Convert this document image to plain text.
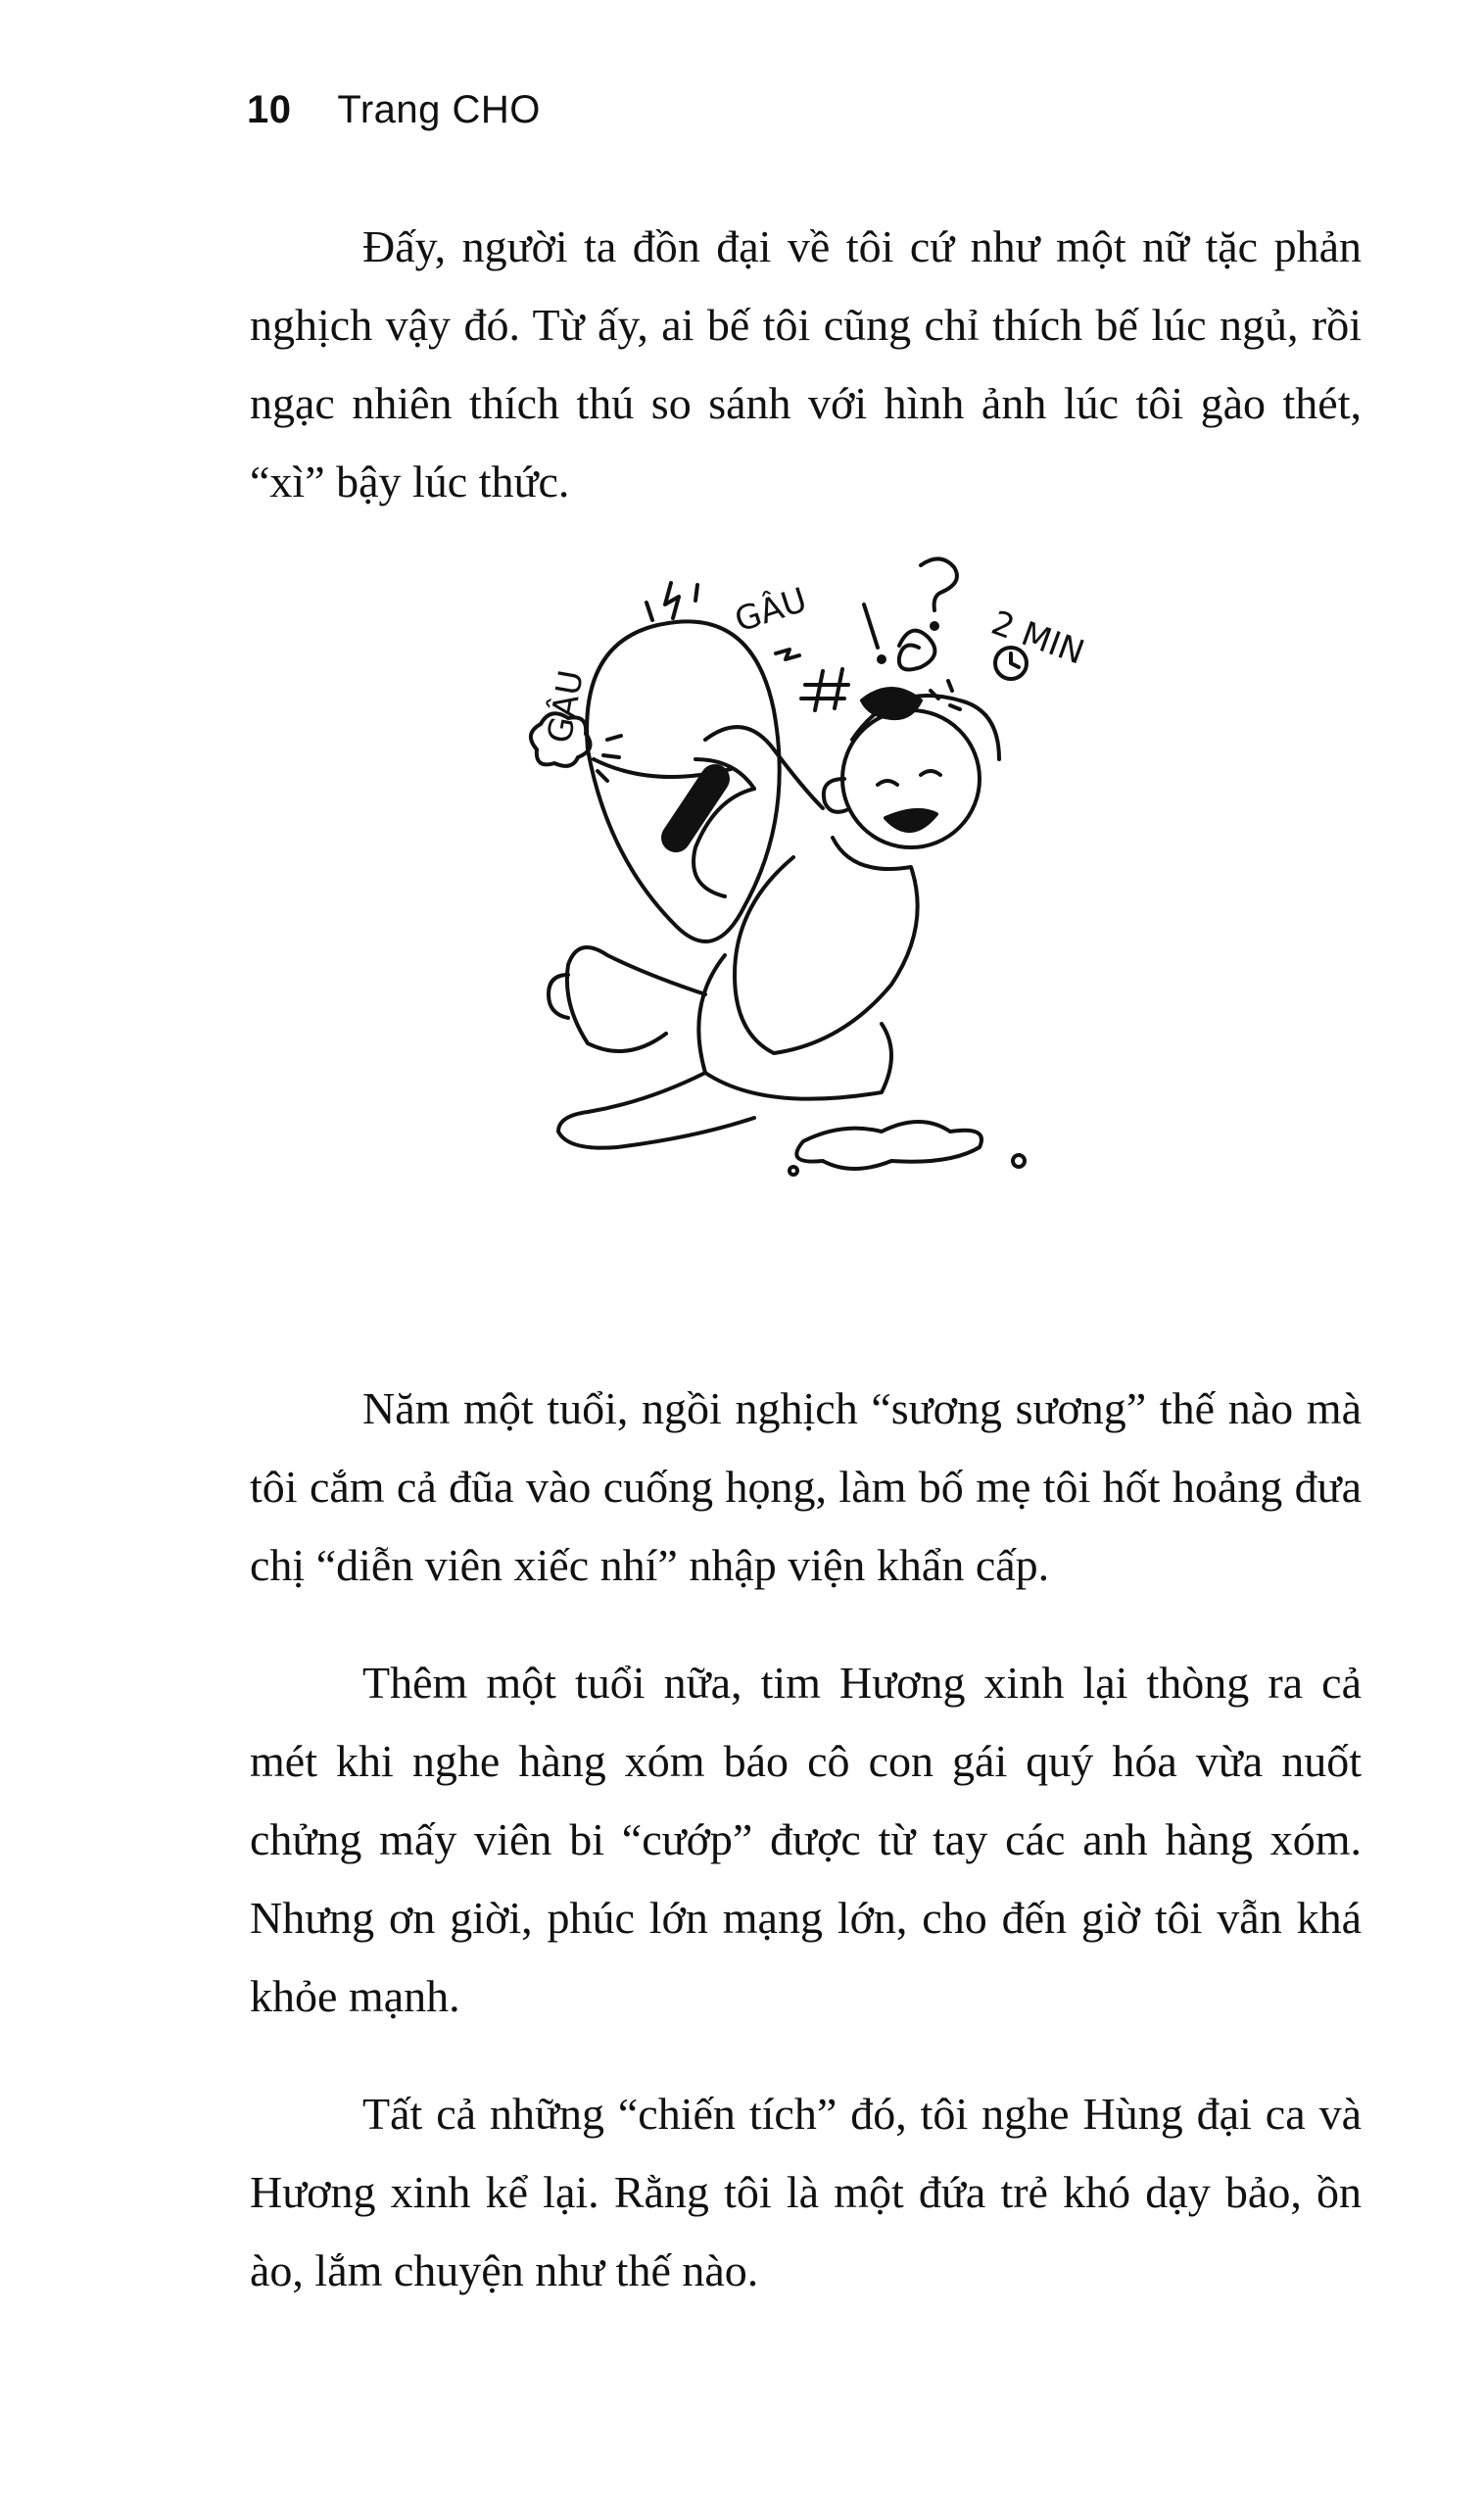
10 Trang CHO

Đấy, người ta đồn đại về tôi cứ như một nữ tặc phản nghịch vậy đó. Từ ấy, ai bế tôi cũng chỉ thích bế lúc ngủ, rồi ngạc nhiên thích thú so sánh với hình ảnh lúc tôi gào thét, “xì” bậy lúc thức.

GÂU
GÂU	2 MIN

Năm một tuổi, ngồi nghịch “sương sương” thế nào mà tôi cắm cả đũa vào cuống họng, làm bố mẹ tôi hốt hoảng đưa chị “diễn viên xiếc nhí” nhập viện khẩn cấp.

Thêm một tuổi nữa, tim Hương xinh lại thòng ra cả mét khi nghe hàng xóm báo cô con gái quý hóa vừa nuốt chửng mấy viên bi “cướp” được từ tay các anh hàng xóm. Nhưng ơn giời, phúc lớn mạng lớn, cho đến giờ tôi vẫn khá khỏe mạnh.

Tất cả những “chiến tích” đó, tôi nghe Hùng đại ca và Hương xinh kể lại. Rằng tôi là một đứa trẻ khó dạy bảo, ồn ào, lắm chuyện như thế nào.
